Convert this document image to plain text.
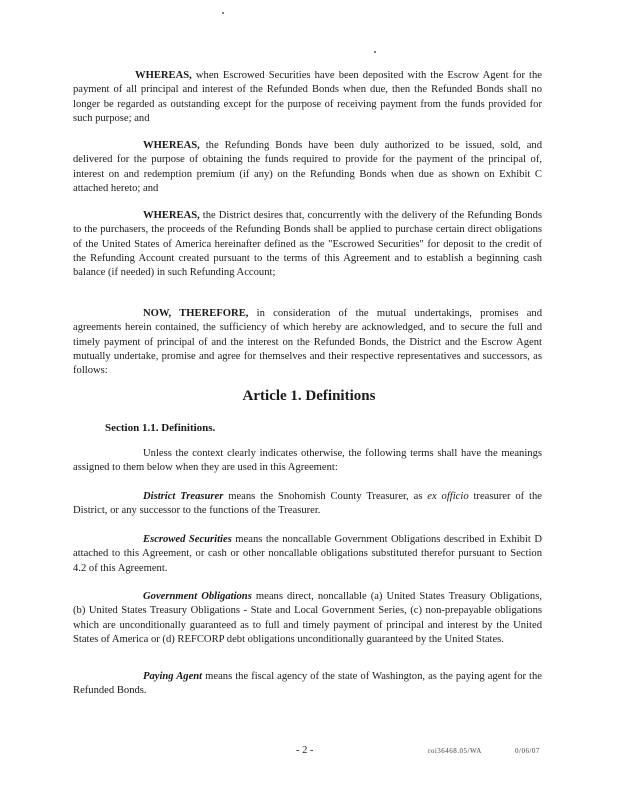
WHEREAS, when Escrowed Securities have been deposited with the Escrow Agent for the payment of all principal and interest of the Refunded Bonds when due, then the Refunded Bonds shall no longer be regarded as outstanding except for the purpose of receiving payment from the funds provided for such purpose; and

WHEREAS, the Refunding Bonds have been duly authorized to be issued, sold, and delivered for the purpose of obtaining the funds required to provide for the payment of the principal of, interest on and redemption premium (if any) on the Refunding Bonds when due as shown on Exhibit C attached hereto; and

WHEREAS, the District desires that, concurrently with the delivery of the Refunding Bonds to the purchasers, the proceeds of the Refunding Bonds shall be applied to purchase certain direct obligations of the United States of America hereinafter defined as the "Escrowed Securities" for deposit to the credit of the Refunding Account created pursuant to the terms of this Agreement and to establish a beginning cash balance (if needed) in such Refunding Account;

NOW, THEREFORE, in consideration of the mutual undertakings, promises and agreements herein contained, the sufficiency of which hereby are acknowledged, and to secure the full and timely payment of principal of and the interest on the Refunded Bonds, the District and the Escrow Agent mutually undertake, promise and agree for themselves and their respective representatives and successors, as follows:

Article 1. Definitions

Section 1.1. Definitions.

Unless the context clearly indicates otherwise, the following terms shall have the meanings assigned to them below when they are used in this Agreement:

District Treasurer means the Snohomish County Treasurer, as ex officio treasurer of the District, or any successor to the functions of the Treasurer.

Escrowed Securities means the noncallable Government Obligations described in Exhibit D attached to this Agreement, or cash or other noncallable obligations substituted therefor pursuant to Section 4.2 of this Agreement.

Government Obligations means direct, noncallable (a) United States Treasury Obligations, (b) United States Treasury Obligations - State and Local Government Series, (c) non-prepayable obligations which are unconditionally guaranteed as to full and timely payment of principal and interest by the United States of America or (d) REFCORP debt obligations unconditionally guaranteed by the United States.

Paying Agent means the fiscal agency of the state of Washington, as the paying agent for the Refunded Bonds.

- 2 -	roi36468.05/WA	0/06/07
